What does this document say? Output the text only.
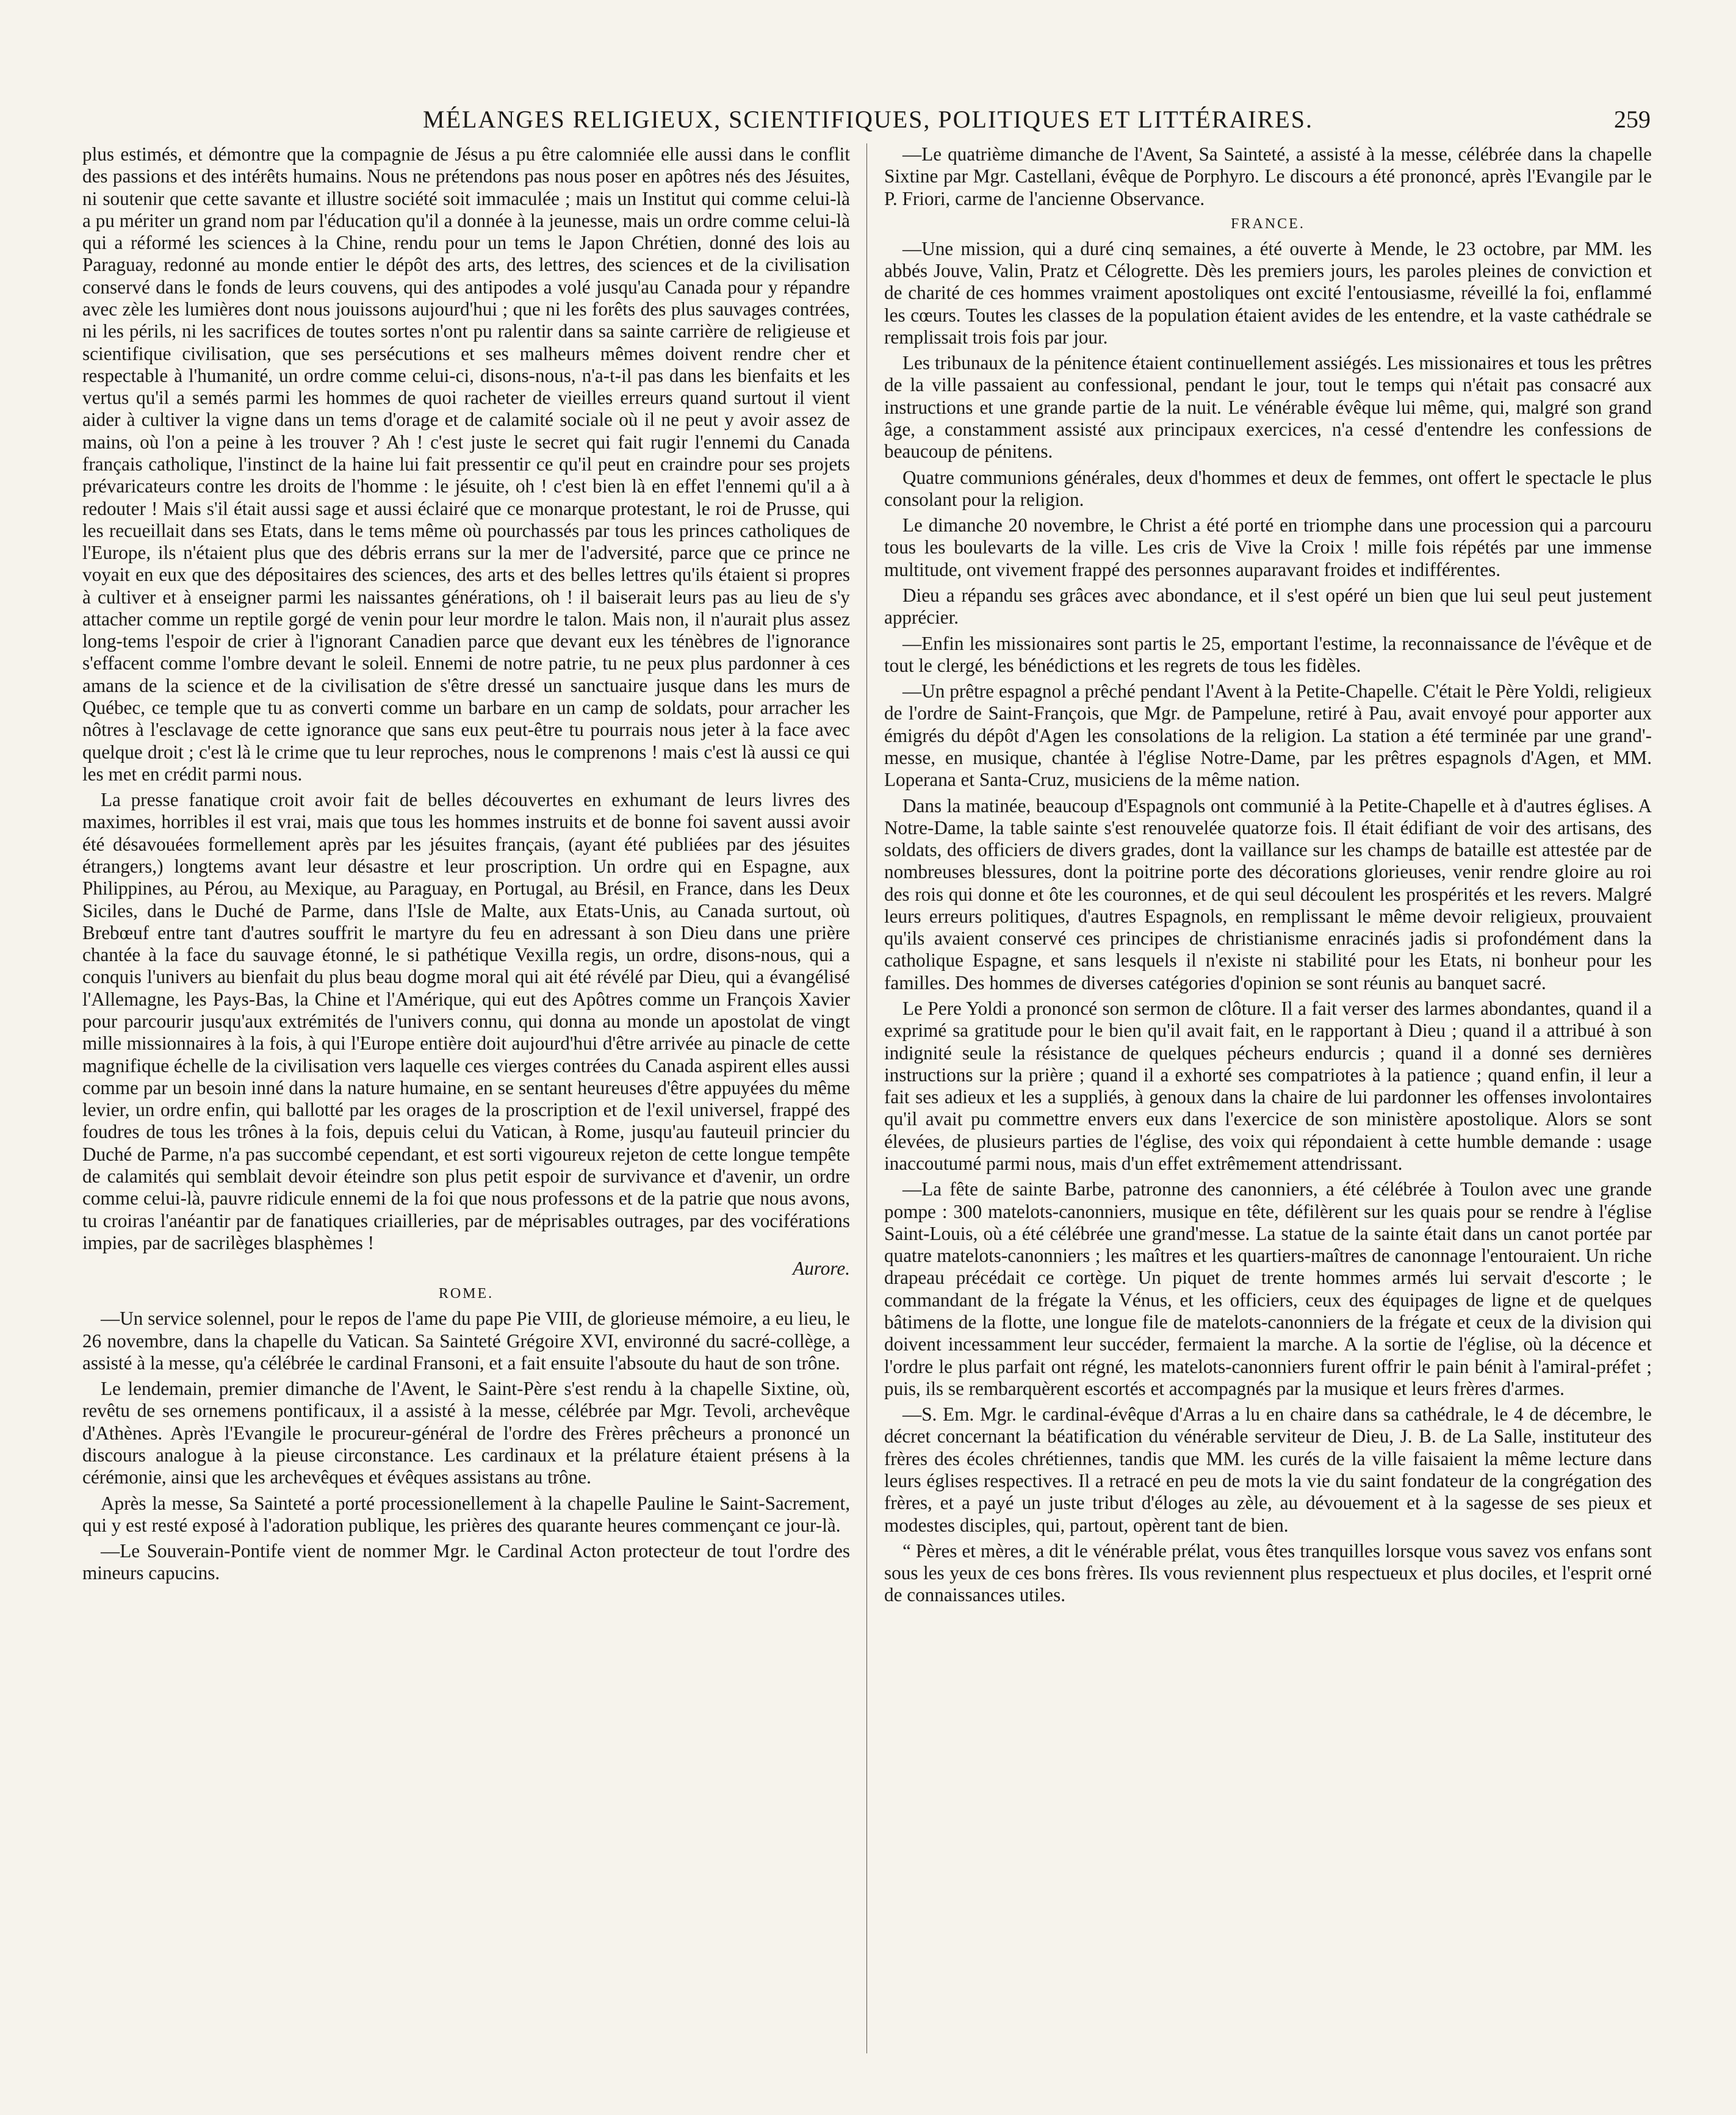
MÉLANGES RELIGIEUX, SCIENTIFIQUES, POLITIQUES ET LITTÉRAIRES.	259

plus estimés, et démontre que la compagnie de Jésus a pu être calomniée elle aussi dans le conflit des passions et des intérêts humains. Nous ne prétendons pas nous poser en apôtres nés des Jésuites, ni soutenir que cette savante et illustre société soit immaculée ; mais un Institut qui comme celui-là a pu mériter un grand nom par l'éducation qu'il a donnée à la jeunesse, mais un ordre comme celui-là qui a réformé les sciences à la Chine, rendu pour un tems le Japon Chrétien, donné des lois au Paraguay, redonné au monde entier le dépôt des arts, des lettres, des sciences et de la civilisation conservé dans le fonds de leurs couvens, qui des antipodes a volé jusqu'au Canada pour y répandre avec zèle les lumières dont nous jouissons aujourd'hui ; que ni les forêts des plus sauvages contrées, ni les périls, ni les sacrifices de toutes sortes n'ont pu ralentir dans sa sainte carrière de religieuse et scientifique civilisation, que ses persécutions et ses malheurs mêmes doivent rendre cher et respectable à l'humanité, un ordre comme celui-ci, disons-nous, n'a-t-il pas dans les bienfaits et les vertus qu'il a semés parmi les hommes de quoi racheter de vieilles erreurs quand surtout il vient aider à cultiver la vigne dans un tems d'orage et de calamité sociale où il ne peut y avoir assez de mains, où l'on a peine à les trouver ? Ah ! c'est juste le secret qui fait rugir l'ennemi du Canada français catholique, l'instinct de la haine lui fait pressentir ce qu'il peut en craindre pour ses projets prévaricateurs contre les droits de l'homme : le jésuite, oh ! c'est bien là en effet l'ennemi qu'il a à redouter ! Mais s'il était aussi sage et aussi éclairé que ce monarque protestant, le roi de Prusse, qui les recueillait dans ses Etats, dans le tems même où pourchassés par tous les princes catholiques de l'Europe, ils n'étaient plus que des débris errans sur la mer de l'adversité, parce que ce prince ne voyait en eux que des dépositaires des sciences, des arts et des belles lettres qu'ils étaient si propres à cultiver et à enseigner parmi les naissantes générations, oh ! il baiserait leurs pas au lieu de s'y attacher comme un reptile gorgé de venin pour leur mordre le talon. Mais non, il n'aurait plus assez long-tems l'espoir de crier à l'ignorant Canadien parce que devant eux les ténèbres de l'ignorance s'effacent comme l'ombre devant le soleil. Ennemi de notre patrie, tu ne peux plus pardonner à ces amans de la science et de la civilisation de s'être dressé un sanctuaire jusque dans les murs de Québec, ce temple que tu as converti comme un barbare en un camp de soldats, pour arracher les nôtres à l'esclavage de cette ignorance que sans eux peut-être tu pourrais nous jeter à la face avec quelque droit ; c'est là le crime que tu leur reproches, nous le comprenons ! mais c'est là aussi ce qui les met en crédit parmi nous.

La presse fanatique croit avoir fait de belles découvertes en exhumant de leurs livres des maximes, horribles il est vrai, mais que tous les hommes instruits et de bonne foi savent aussi avoir été désavouées formellement après par les jésuites français, (ayant été publiées par des jésuites étrangers,) longtems avant leur désastre et leur proscription. Un ordre qui en Espagne, aux Philippines, au Pérou, au Mexique, au Paraguay, en Portugal, au Brésil, en France, dans les Deux Siciles, dans le Duché de Parme, dans l'Isle de Malte, aux Etats-Unis, au Canada surtout, où Brebœuf entre tant d'autres souffrit le martyre du feu en adressant à son Dieu dans une prière chantée à la face du sauvage étonné, le si pathétique Vexilla regis, un ordre, disons-nous, qui a conquis l'univers au bienfait du plus beau dogme moral qui ait été révélé par Dieu, qui a évangélisé l'Allemagne, les Pays-Bas, la Chine et l'Amérique, qui eut des Apôtres comme un François Xavier pour parcourir jusqu'aux extrémités de l'univers connu, qui donna au monde un apostolat de vingt mille missionnaires à la fois, à qui l'Europe entière doit aujourd'hui d'être arrivée au pinacle de cette magnifique échelle de la civilisation vers laquelle ces vierges contrées du Canada aspirent elles aussi comme par un besoin inné dans la nature humaine, en se sentant heureuses d'être appuyées du même levier, un ordre enfin, qui ballotté par les orages de la proscription et de l'exil universel, frappé des foudres de tous les trônes à la fois, depuis celui du Vatican, à Rome, jusqu'au fauteuil princier du Duché de Parme, n'a pas succombé cependant, et est sorti vigoureux rejeton de cette longue tempête de calamités qui semblait devoir éteindre son plus petit espoir de survivance et d'avenir, un ordre comme celui-là, pauvre ridicule ennemi de la foi que nous professons et de la patrie que nous avons, tu croiras l'anéantir par de fanatiques criailleries, par de méprisables outrages, par des vociférations impies, par de sacrilèges blasphèmes !

Aurore.
ROME.

—Un service solennel, pour le repos de l'ame du pape Pie VIII, de glorieuse mémoire, a eu lieu, le 26 novembre, dans la chapelle du Vatican. Sa Sainteté Grégoire XVI, environné du sacré-collège, a assisté à la messe, qu'a célébrée le cardinal Fransoni, et a fait ensuite l'absoute du haut de son trône.

Le lendemain, premier dimanche de l'Avent, le Saint-Père s'est rendu à la chapelle Sixtine, où, revêtu de ses ornemens pontificaux, il a assisté à la messe, célébrée par Mgr. Tevoli, archevêque d'Athènes. Après l'Evangile le procureur-général de l'ordre des Frères prêcheurs a prononcé un discours analogue à la pieuse circonstance. Les cardinaux et la prélature étaient présens à la cérémonie, ainsi que les archevêques et évêques assistans au trône.

Après la messe, Sa Sainteté a porté processionellement à la chapelle Pauline le Saint-Sacrement, qui y est resté exposé à l'adoration publique, les prières des quarante heures commençant ce jour-là.

—Le Souverain-Pontife vient de nommer Mgr. le Cardinal Acton protecteur de tout l'ordre des mineurs capucins.

—Le quatrième dimanche de l'Avent, Sa Sainteté, a assisté à la messe, célébrée dans la chapelle Sixtine par Mgr. Castellani, évêque de Porphyro. Le discours a été prononcé, après l'Evangile par le P. Friori, carme de l'ancienne Observance.

FRANCE.

—Une mission, qui a duré cinq semaines, a été ouverte à Mende, le 23 octobre, par MM. les abbés Jouve, Valin, Pratz et Célogrette. Dès les premiers jours, les paroles pleines de conviction et de charité de ces hommes vraiment apostoliques ont excité l'entousiasme, réveillé la foi, enflammé les cœurs. Toutes les classes de la population étaient avides de les entendre, et la vaste cathédrale se remplissait trois fois par jour.

Les tribunaux de la pénitence étaient continuellement assiégés. Les missionaires et tous les prêtres de la ville passaient au confessional, pendant le jour, tout le temps qui n'était pas consacré aux instructions et une grande partie de la nuit. Le vénérable évêque lui même, qui, malgré son grand âge, a constamment assisté aux principaux exercices, n'a cessé d'entendre les confessions de beaucoup de pénitens.

Quatre communions générales, deux d'hommes et deux de femmes, ont offert le spectacle le plus consolant pour la religion.

Le dimanche 20 novembre, le Christ a été porté en triomphe dans une procession qui a parcouru tous les boulevarts de la ville. Les cris de Vive la Croix ! mille fois répétés par une immense multitude, ont vivement frappé des personnes auparavant froides et indifférentes.

Dieu a répandu ses grâces avec abondance, et il s'est opéré un bien que lui seul peut justement apprécier.

—Enfin les missionaires sont partis le 25, emportant l'estime, la reconnaissance de l'évêque et de tout le clergé, les bénédictions et les regrets de tous les fidèles.

—Un prêtre espagnol a prêché pendant l'Avent à la Petite-Chapelle. C'était le Père Yoldi, religieux de l'ordre de Saint-François, que Mgr. de Pampelune, retiré à Pau, avait envoyé pour apporter aux émigrés du dépôt d'Agen les consolations de la religion. La station a été terminée par une grand'-messe, en musique, chantée à l'église Notre-Dame, par les prêtres espagnols d'Agen, et MM. Loperana et Santa-Cruz, musiciens de la même nation.

Dans la matinée, beaucoup d'Espagnols ont communié à la Petite-Chapelle et à d'autres églises. A Notre-Dame, la table sainte s'est renouvelée quatorze fois. Il était édifiant de voir des artisans, des soldats, des officiers de divers grades, dont la vaillance sur les champs de bataille est attestée par de nombreuses blessures, dont la poitrine porte des décorations glorieuses, venir rendre gloire au roi des rois qui donne et ôte les couronnes, et de qui seul découlent les prospérités et les revers. Malgré leurs erreurs politiques, d'autres Espagnols, en remplissant le même devoir religieux, prouvaient qu'ils avaient conservé ces principes de christianisme enracinés jadis si profondément dans la catholique Espagne, et sans lesquels il n'existe ni stabilité pour les Etats, ni bonheur pour les familles. Des hommes de diverses catégories d'opinion se sont réunis au banquet sacré.

Le Pere Yoldi a prononcé son sermon de clôture. Il a fait verser des larmes abondantes, quand il a exprimé sa gratitude pour le bien qu'il avait fait, en le rapportant à Dieu ; quand il a attribué à son indignité seule la résistance de quelques pécheurs endurcis ; quand il a donné ses dernières instructions sur la prière ; quand il a exhorté ses compatriotes à la patience ; quand enfin, il leur a fait ses adieux et les a suppliés, à genoux dans la chaire de lui pardonner les offenses involontaires qu'il avait pu commettre envers eux dans l'exercice de son ministère apostolique. Alors se sont élevées, de plusieurs parties de l'église, des voix qui répondaient à cette humble demande : usage inaccoutumé parmi nous, mais d'un effet extrêmement attendrissant.

—La fête de sainte Barbe, patronne des canonniers, a été célébrée à Toulon avec une grande pompe : 300 matelots-canonniers, musique en tête, défilèrent sur les quais pour se rendre à l'église Saint-Louis, où a été célébrée une grand'messe. La statue de la sainte était dans un canot portée par quatre matelots-canonniers ; les maîtres et les quartiers-maîtres de canonnage l'entouraient. Un riche drapeau précédait ce cortège. Un piquet de trente hommes armés lui servait d'escorte ; le commandant de la frégate la Vénus, et les officiers, ceux des équipages de ligne et de quelques bâtimens de la flotte, une longue file de matelots-canonniers de la frégate et ceux de la division qui doivent incessamment leur succéder, fermaient la marche. A la sortie de l'église, où la décence et l'ordre le plus parfait ont régné, les matelots-canonniers furent offrir le pain bénit à l'amiral-préfet ; puis, ils se rembarquèrent escortés et accompagnés par la musique et leurs frères d'armes.

—S. Em. Mgr. le cardinal-évêque d'Arras a lu en chaire dans sa cathédrale, le 4 de décembre, le décret concernant la béatification du vénérable serviteur de Dieu, J. B. de La Salle, instituteur des frères des écoles chrétiennes, tandis que MM. les curés de la ville faisaient la même lecture dans leurs églises respectives. Il a retracé en peu de mots la vie du saint fondateur de la congrégation des frères, et a payé un juste tribut d'éloges au zèle, au dévouement et à la sagesse de ses pieux et modestes disciples, qui, partout, opèrent tant de bien.

“ Pères et mères, a dit le vénérable prélat, vous êtes tranquilles lorsque vous savez vos enfans sont sous les yeux de ces bons frères. Ils vous reviennent plus respectueux et plus dociles, et l'esprit orné de connaissances utiles.
